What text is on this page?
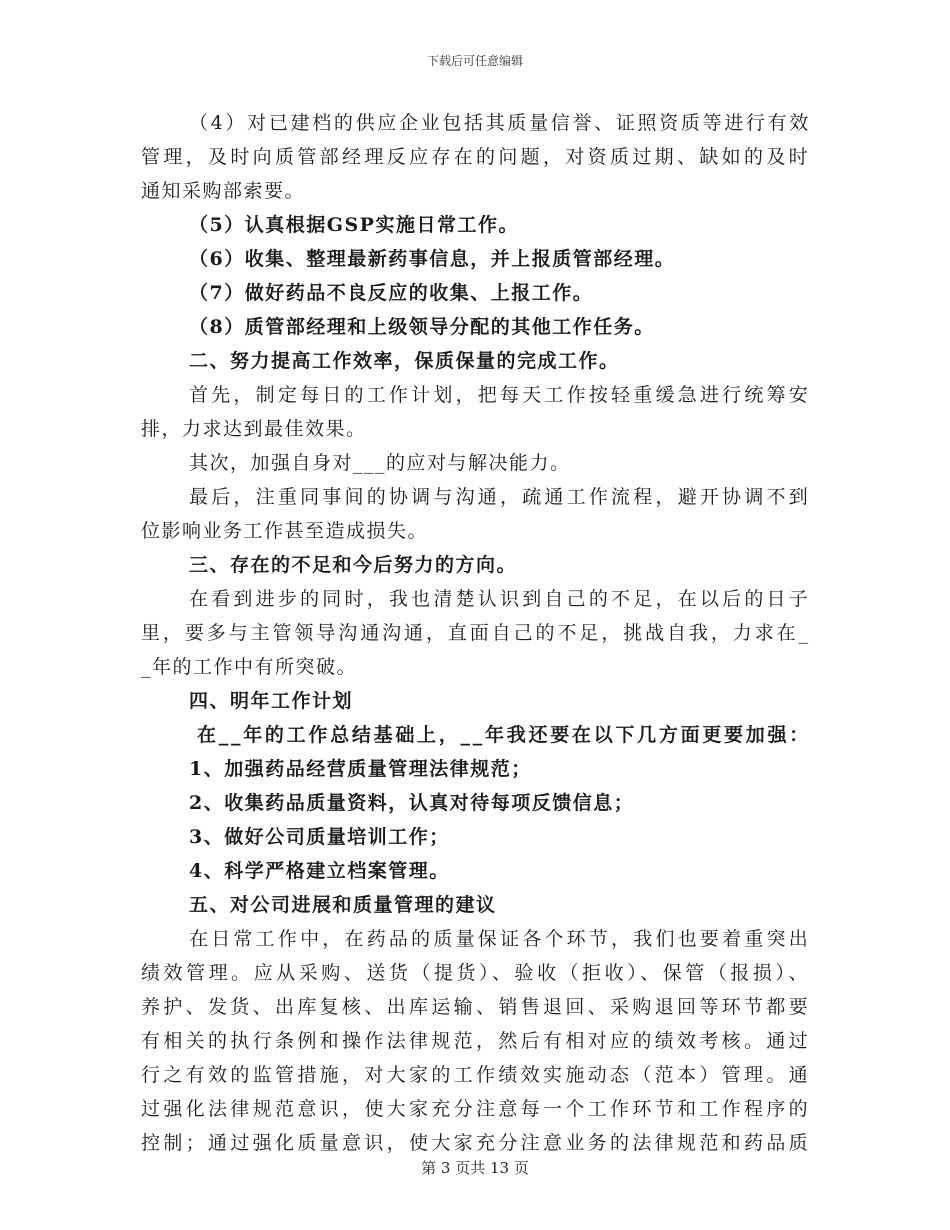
下载后可任意编辑
（4）对已建档的供应企业包括其质量信誉、证照资质等进行有效
管理，及时向质管部经理反应存在的问题，对资质过期、缺如的及时
通知采购部索要。
（5）认真根据GSP实施日常工作。
（6）收集、整理最新药事信息，并上报质管部经理。
（7）做好药品不良反应的收集、上报工作。
（8）质管部经理和上级领导分配的其他工作任务。
二、努力提高工作效率，保质保量的完成工作。
首先，制定每日的工作计划，把每天工作按轻重缓急进行统筹安
排，力求达到最佳效果。
其次，加强自身对___的应对与解决能力。
最后，注重同事间的协调与沟通，疏通工作流程，避开协调不到
位影响业务工作甚至造成损失。
三、存在的不足和今后努力的方向。
在看到进步的同时，我也清楚认识到自己的不足，在以后的日子
里，要多与主管领导沟通沟通，直面自己的不足，挑战自我，力求在_
_年的工作中有所突破。
四、明年工作计划
在__年的工作总结基础上，__年我还要在以下几方面更要加强：
1、加强药品经营质量管理法律规范；
2、收集药品质量资料，认真对待每项反馈信息；
3、做好公司质量培训工作；
4、科学严格建立档案管理。
五、对公司进展和质量管理的建议
在日常工作中，在药品的质量保证各个环节，我们也要着重突出
绩效管理。应从采购、送货（提货）、验收（拒收）、保管（报损）、
养护、发货、出库复核、出库运输、销售退回、采购退回等环节都要
有相关的执行条例和操作法律规范，然后有相对应的绩效考核。通过
行之有效的监管措施，对大家的工作绩效实施动态（范本）管理。通
过强化法律规范意识，使大家充分注意每一个工作环节和工作程序的
控制；通过强化质量意识，使大家充分注意业务的法律规范和药品质
第 3 页共 13 页
